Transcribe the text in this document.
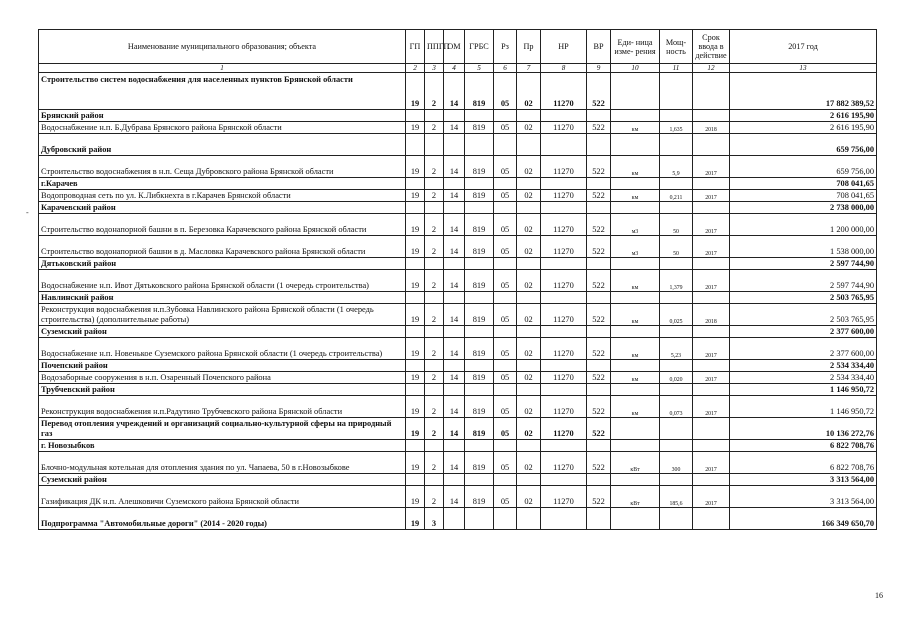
Наименование муниципального образования; объекта	ГП	ППГП	ОМ	ГРБС	Рз	Пр	НР	ВР	Еди- ница изме- рения	Мощ- ность	Срок ввода в действие	2017 год
1	2	3	4	5	6	7	8	9	10	11	12	13
Строительство систем водоснабжения для населенных пунктов Брянской области	19	2	14	819	05	02	11270	522				17 882 389,52
Брянский район												2 616 195,90
Водоснабжение н.п. Б.Дубрава Брянского района Брянской области	19	2	14	819	05	02	11270	522	км	1,635	2018	2 616 195,90
Дубровский район												659 756,00
Строительство водоснабжения в н.п. Сеща Дубровского района Брянской области	19	2	14	819	05	02	11270	522	км	5,9	2017	659 756,00
г.Карачев												708 041,65
Водопроводная сеть по ул. К.Либкнехта в г.Карачев Брянской области	19	2	14	819	05	02	11270	522	км	0,211	2017	708 041,65
Карачевский район												2 738 000,00
Строительство водонапорной башни в п. Березовка Карачевского района Брянской области	19	2	14	819	05	02	11270	522	м3	50	2017	1 200 000,00
Строительство водонапорной башни в д. Масловка Карачевского района Брянской области	19	2	14	819	05	02	11270	522	м3	50	2017	1 538 000,00
Дятьковский район												2 597 744,90
Водоснабжение н.п. Ивот Дятьковского района Брянской области (1 очередь строительства)	19	2	14	819	05	02	11270	522	км	1,379	2017	2 597 744,90
Навлинский район												2 503 765,95
Реконструкция водоснабжения н.п.Зубовка Навлинского района Брянской области (1 очередь строительства) (дополнительные работы)	19	2	14	819	05	02	11270	522	км	0,025	2018	2 503 765,95
Суземский район												2 377 600,00
Водоснабжение н.п. Новенькое Суземского района Брянской области (1 очередь строительства)	19	2	14	819	05	02	11270	522	км	5,23	2017	2 377 600,00
Почепский район												2 534 334,40
Водозаборные сооружения в н.п. Озаренный Почепского района	19	2	14	819	05	02	11270	522	км	0,020	2017	2 534 334,40
Трубчевский район												1 146 950,72
Реконструкция водоснабжения н.п.Радутино Трубчевского района Брянской области	19	2	14	819	05	02	11270	522	км	0,073	2017	1 146 950,72
Перевод отопления учреждений и организаций социально-культурной сферы на природный газ	19	2	14	819	05	02	11270	522				10 136 272,76
г. Новозыбков												6 822 708,76
Блочно-модульная котельная для отопления здания по ул. Чапаева, 50 в г.Новозыбкове	19	2	14	819	05	02	11270	522	кВт	300	2017	6 822 708,76
Суземский район												3 313 564,00
Газификация ДК н.п. Алешковичи Суземского района Брянской области	19	2	14	819	05	02	11270	522	кВт	185,6	2017	3 313 564,00
Подпрограмма "Автомобильные дороги" (2014 - 2020 годы)	19	3										166 349 650,70
-
16
